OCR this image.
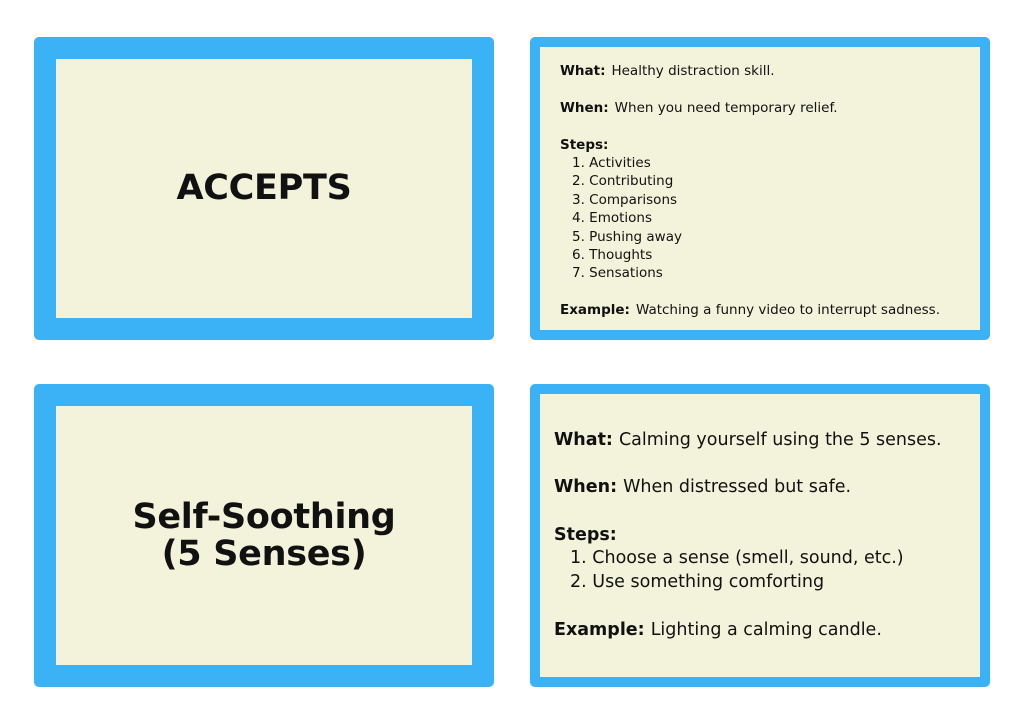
ACCEPTS

What: Healthy distraction skill.

When: When you need temporary relief.

Steps:

1. Activities
2. Contributing
3. Comparisons
4. Emotions
5. Pushing away
6. Thoughts
7. Sensations

Example: Watching a funny video to interrupt sadness.

Self-Soothing
(5 Senses)

What: Calming yourself using the 5 senses.

When: When distressed but safe.

Steps:

1. Choose a sense (smell, sound, etc.)
2. Use something comforting

Example: Lighting a calming candle.
